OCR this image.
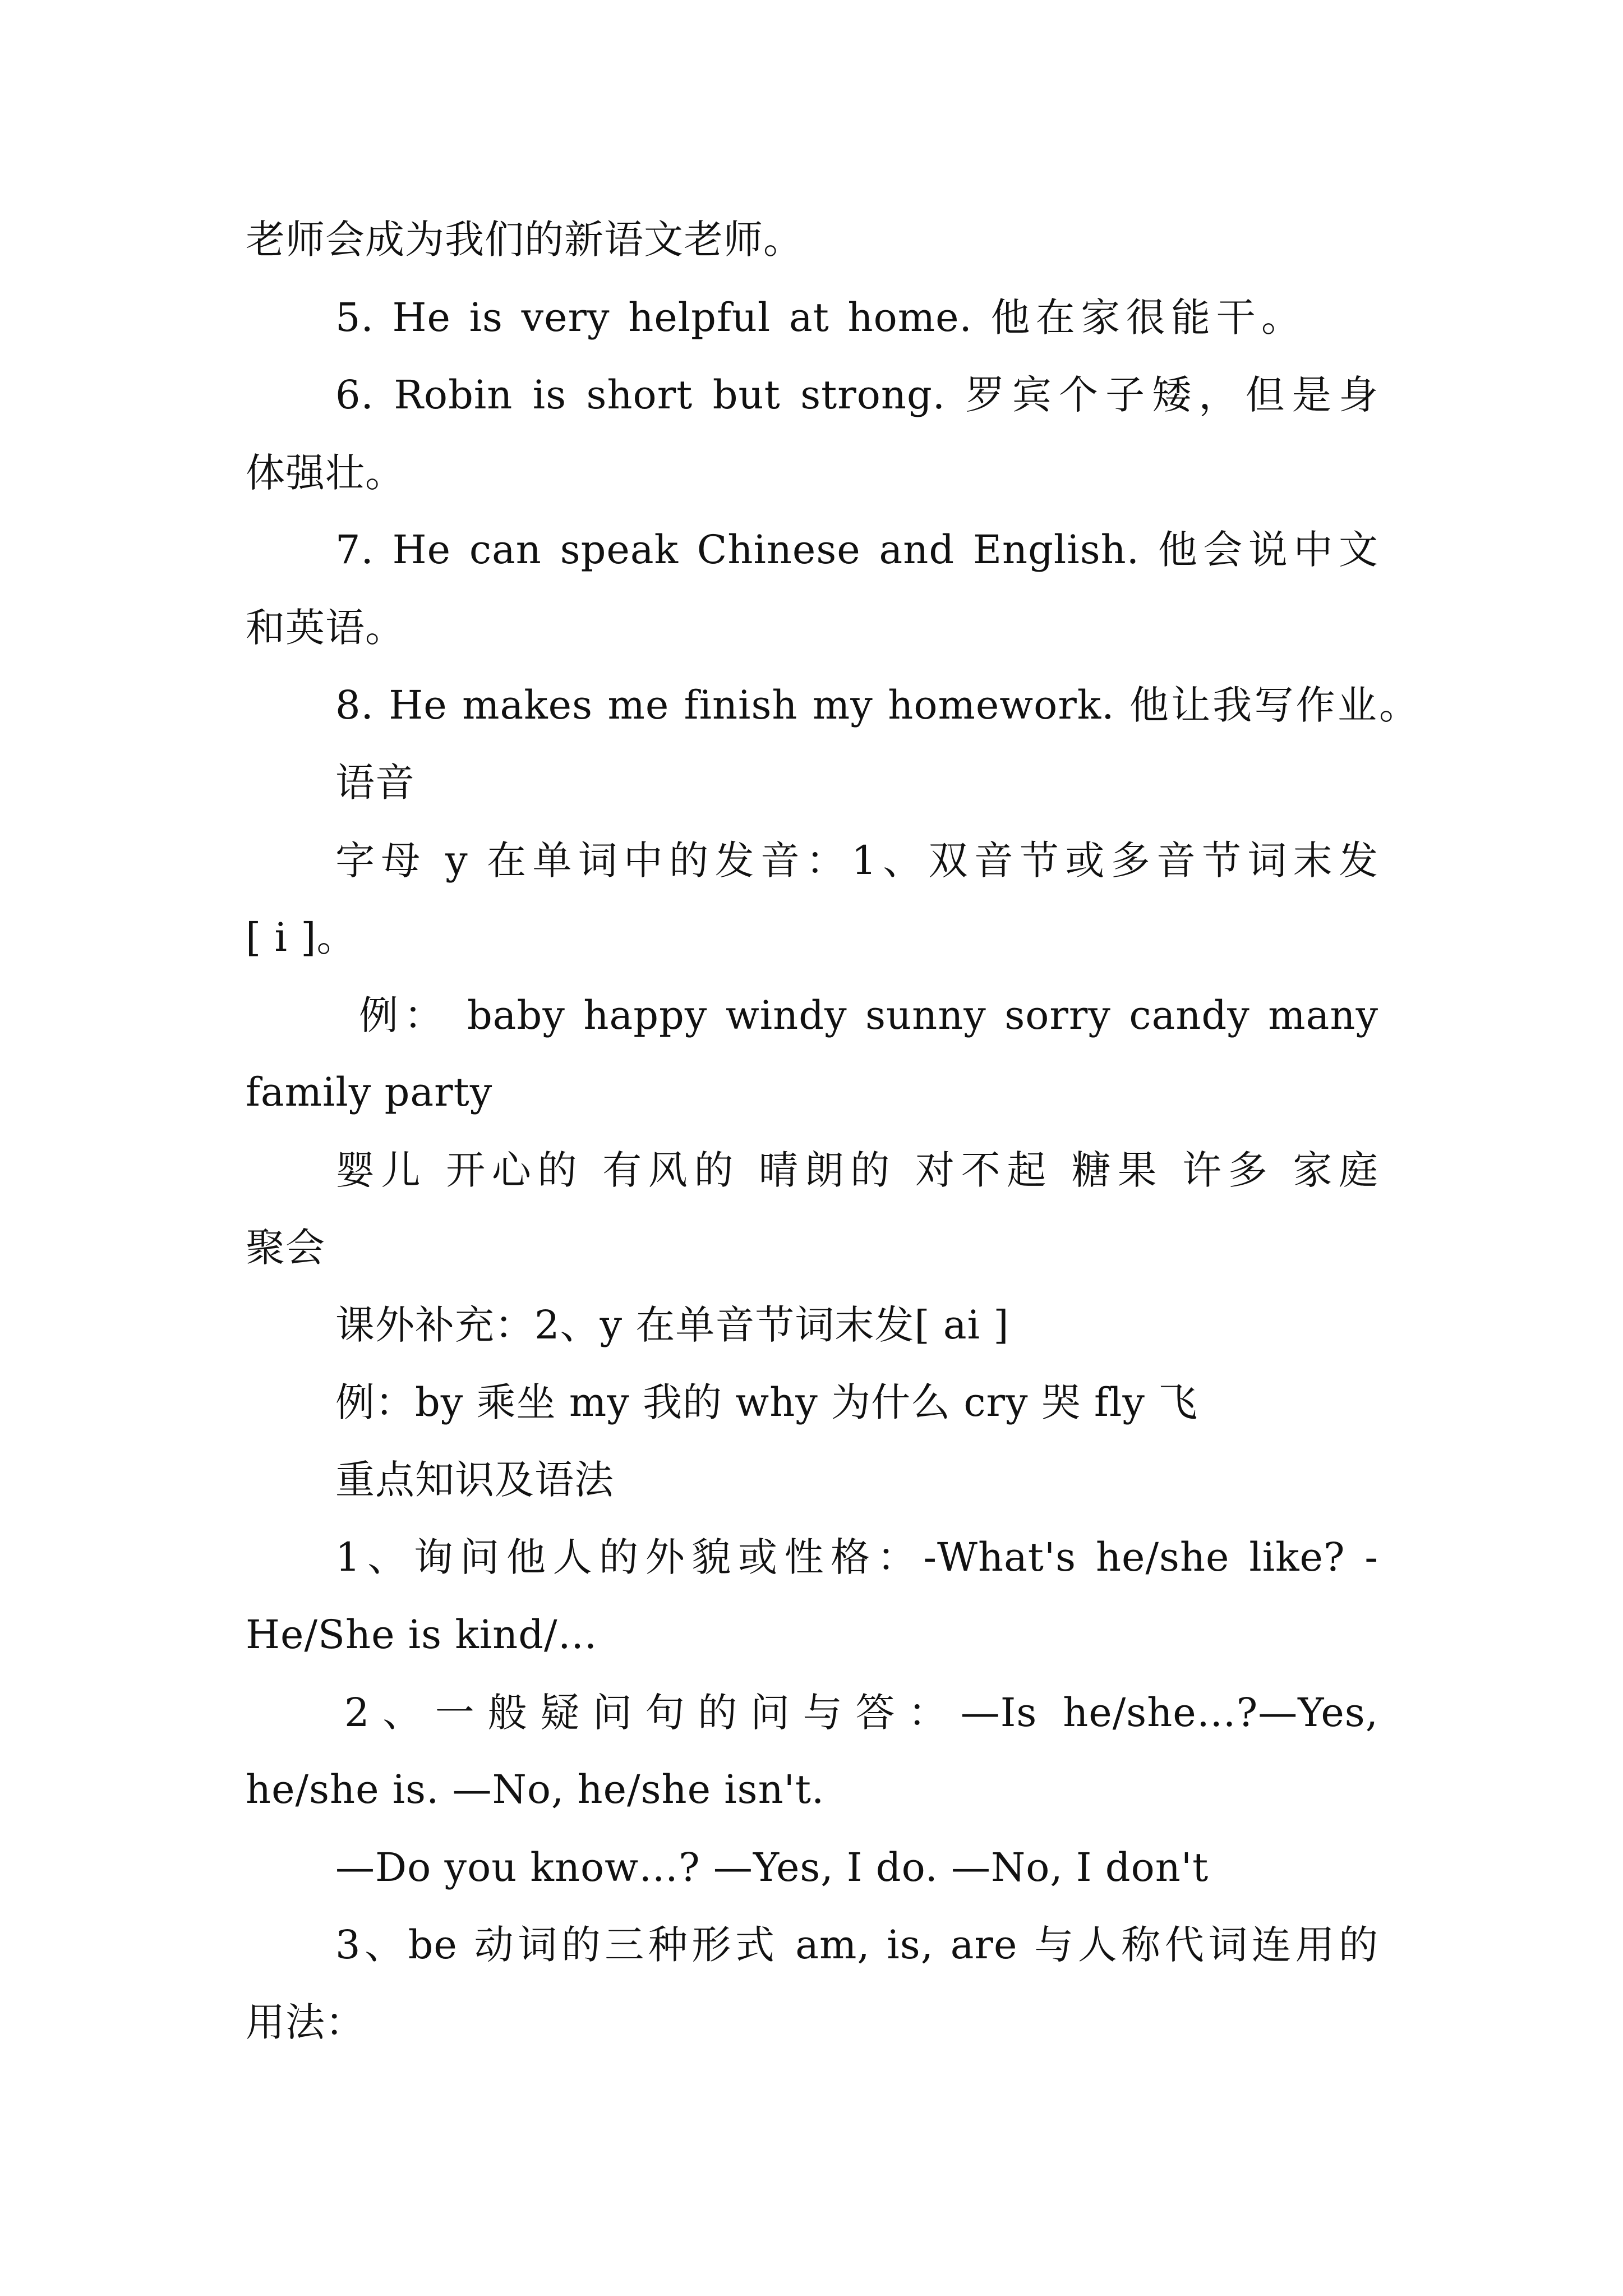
老师会成为我们的新语文老师。
5. He is very helpful at home. 他在家很能干。
6. Robin is short but strong. 罗宾个子矮，但是身
体强壮。
7. He can speak Chinese and English. 他会说中文
和英语。
8. He makes me finish my homework. 他让我写作业。
语音
字母 y 在单词中的发音：1、双音节或多音节词末发
[ i ]。
例： baby happy windy sunny sorry candy many
family party
婴儿 开心的 有风的 晴朗的 对不起 糖果 许多 家庭
聚会
课外补充：2、y 在单音节词末发[ ai ]
例：by 乘坐 my 我的 why 为什么 cry 哭 fly 飞
重点知识及语法
1、询问他人的外貌或性格：-What's he/she like? -
He/She is kind/…
2、一般疑问句的问与答：—Is he/she…?—Yes,
he/she is. —No, he/she isn't.
—Do you know…? —Yes, I do. —No, I don't
3、be 动词的三种形式 am, is, are 与人称代词连用的
用法：
